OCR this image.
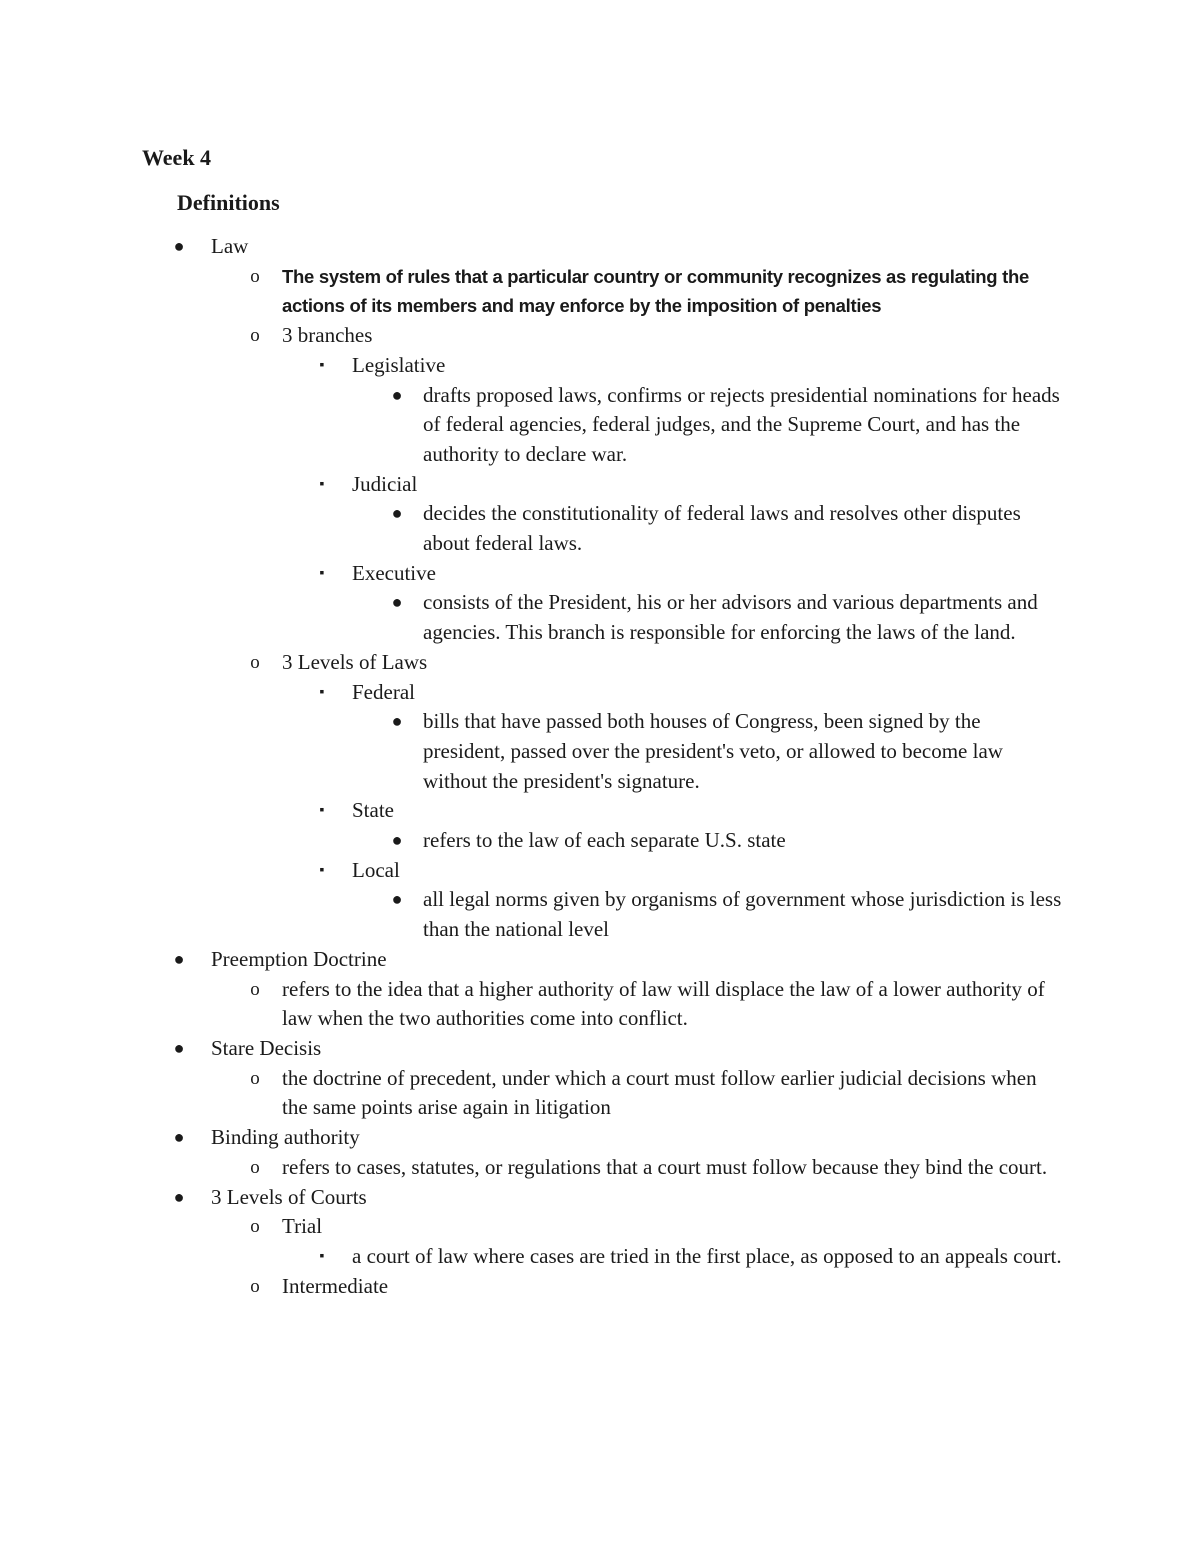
Week 4
Definitions
● Law
o	The system of rules that a particular country or community recognizes as regulating the actions of its members and may enforce by the imposition of penalties
o 3 branches
▪ Legislative
● drafts proposed laws, confirms or rejects presidential nominations for heads of federal agencies, federal judges, and the Supreme Court, and has the authority to declare war.
▪ Judicial
● decides the constitutionality of federal laws and resolves other disputes about federal laws.
▪ Executive
● consists of the President, his or her advisors and various departments and agencies. This branch is responsible for enforcing the laws of the land.
o 3 Levels of Laws
▪ Federal
● bills that have passed both houses of Congress, been signed by the president, passed over the president's veto, or allowed to become law without the president's signature.
▪ State
● refers to the law of each separate U.S. state
▪ Local
● all legal norms given by organisms of government whose jurisdiction is less than the national level
● Preemption Doctrine
o refers to the idea that a higher authority of law will displace the law of a lower authority of law when the two authorities come into conflict.
● Stare Decisis
o the doctrine of precedent, under which a court must follow earlier judicial decisions when the same points arise again in litigation
● Binding authority
o refers to cases, statutes, or regulations that a court must follow because they bind the court.
● 3 Levels of Courts
o Trial
▪ a court of law where cases are tried in the first place, as opposed to an appeals court.
o Intermediate
